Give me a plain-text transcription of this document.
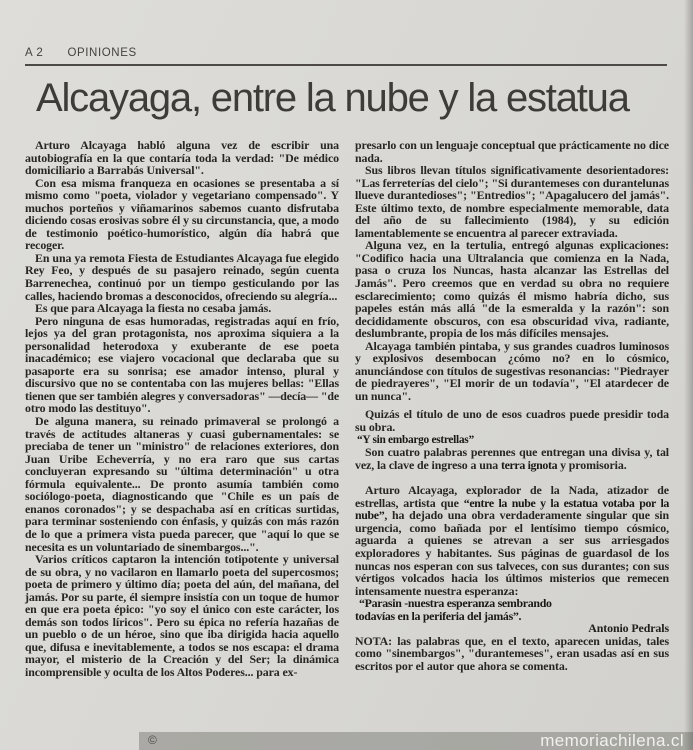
A 2 OPINIONES
Alcayaga, entre la nube y la estatua

Arturo Alcayaga habló alguna vez de escribir una autobiografía en la que contaría toda la verdad: "De médico domiciliario a Barrabás Universal".

Con esa misma franqueza en ocasiones se presentaba a sí mismo como "poeta, violador y vegetariano compensado". Y muchos porteños y viñamarinos sabemos cuanto disfrutaba diciendo cosas erosivas sobre él y su circunstancia, que, a modo de testimonio poético-humorístico, algún día habrá que recoger.

En una ya remota Fiesta de Estudiantes Alcayaga fue elegido Rey Feo, y después de su pasajero reinado, según cuenta Barrenechea, continuó por un tiempo gesticulando por las calles, haciendo bromas a desconocidos, ofreciendo su alegría...

Es que para Alcayaga la fiesta no cesaba jamás.

Pero ninguna de esas humoradas, registradas aquí en frío, lejos ya del gran protagonista, nos aproxima siquiera a la personalidad heterodoxa y exuberante de ese poeta inacadémico; ese viajero vocacional que declaraba que su pasaporte era su sonrisa; ese amador intenso, plural y discursivo que no se contentaba con las mujeres bellas: "Ellas tienen que ser también alegres y conversadoras" —decía— "de otro modo las destituyo".

De alguna manera, su reinado primaveral se prolongó a través de actitudes altaneras y cuasi gubernamentales: se preciaba de tener un "ministro" de relaciones exteriores, don Juan Uribe Echeverría, y no era raro que sus cartas concluyeran expresando su "última determinación" u otra fórmula equivalente... De pronto asumía también como sociólogo-poeta, diagnosticando que "Chile es un país de enanos coronados"; y se despachaba así en críticas surtidas, para terminar sosteniendo con énfasis, y quizás con más razón de lo que a primera vista pueda parecer, que "aquí lo que se necesita es un voluntariado de sinembargos...".

Varios críticos captaron la intención totipotente y universal de su obra, y no vacilaron en llamarlo poeta del supercosmos; poeta de primero y último día; poeta del aún, del mañana, del jamás. Por su parte, él siempre insistía con un toque de humor en que era poeta épico: "yo soy el único con este carácter, los demás son todos líricos". Pero su épica no refería hazañas de un pueblo o de un héroe, sino que iba dirigida hacia aquello que, difusa e inevitablemente, a todos se nos escapa: el drama mayor, el misterio de la Creación y del Ser; la dinámica incomprensible y oculta de los Altos Poderes... para ex-

presarlo con un lenguaje conceptual que prácticamente no dice nada.

Sus libros llevan títulos significativamente desorientadores: "Las ferreterías del cielo"; "Si durantemeses con durantelunas llueve durantedioses"; "Entredios"; "Apagalucero del jamás". Este último texto, de nombre especialmente memorable, data del año de su fallecimiento (1984), y su edición lamentablemente se encuentra al parecer extraviada.

Alguna vez, en la tertulia, entregó algunas explicaciones: "Codifico hacia una Ultralancia que comienza en la Nada, pasa o cruza los Nuncas, hasta alcanzar las Estrellas del Jamás". Pero creemos que en verdad su obra no requiere esclarecimiento; como quizás él mismo habría dicho, sus papeles están más allá "de la esmeralda y la razón": son decididamente obscuros, con esa obscuridad viva, radiante, deslumbrante, propia de los más difíciles mensajes.

Alcayaga también pintaba, y sus grandes cuadros luminosos y explosivos desembocan ¿cómo no? en lo cósmico, anunciándose con títulos de sugestivas resonancias: "Piedrayer de piedrayeres", "El morir de un todavía", "El atardecer de un nunca".

Quizás el título de uno de esos cuadros puede presidir toda su obra.

“Y sin embargo estrellas”

Son cuatro palabras perennes que entregan una divisa y, tal vez, la clave de ingreso a una terra ignota y promisoria.

Arturo Alcayaga, explorador de la Nada, atizador de estrellas, artista que “entre la nube y la estatua votaba por la nube”, ha dejado una obra verdaderamente singular que sin urgencia, como bañada por el lentísimo tiempo cósmico, aguarda a quienes se atrevan a ser sus arriesgados exploradores y habitantes. Sus páginas de guardasol de los nuncas nos esperan con sus talveces, con sus durantes; con sus vértigos volcados hacia los últimos misterios que remecen intensamente nuestra esperanza:

“Parasin -nuestra esperanza sembrando
todavías en la periferia del jamás”.

Antonio Pedrals

NOTA: las palabras que, en el texto, aparecen unidas, tales como "sinembargos", "durantemeses", eran usadas así en sus escritos por el autor que ahora se comenta.

©	memoriachilena.cl
